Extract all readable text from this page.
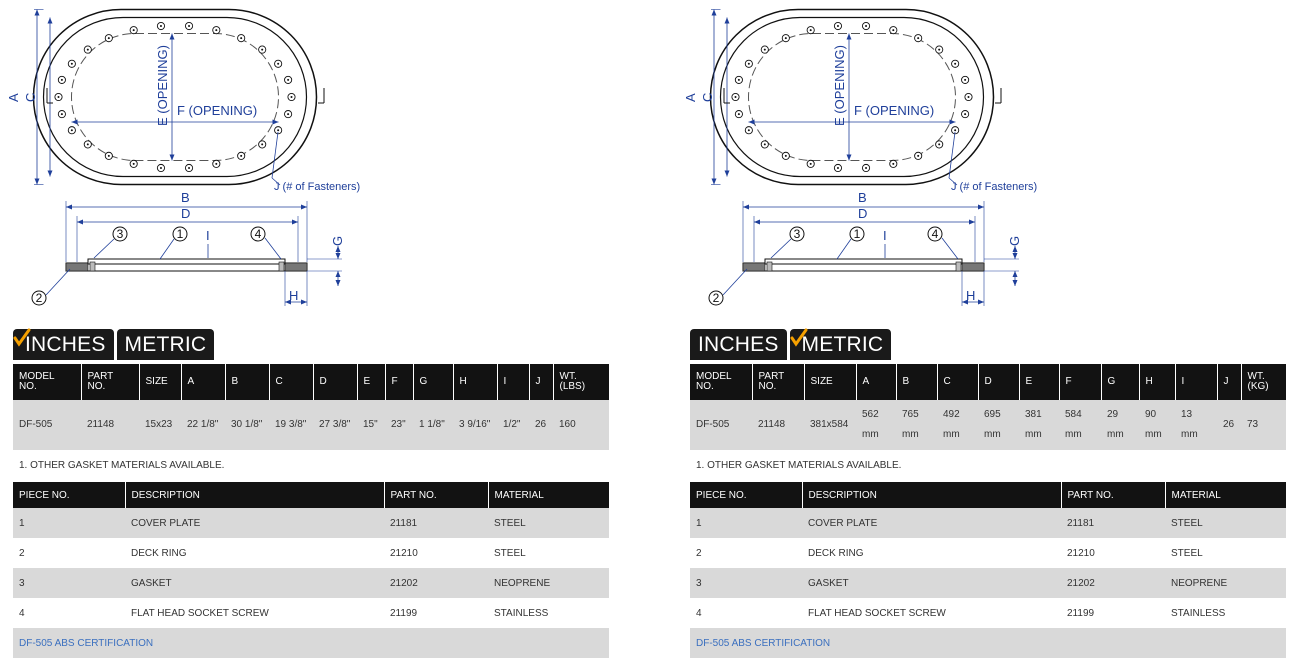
E (OPENING) F (OPENING)
A C
J (# of Fasteners)
B
D
3	1	4
2
I	G
H
INCHES METRIC
MODEL NO.	PART NO.	SIZE	A	B	C	D	E	F	G	H	I	J	WT. (LBS)
DF-505	21148	15x23	22 1/8"	30 1/8"	19 3/8"	27 3/8"	15"	23"	1 1/8"	3 9/16"	1/2"	26	160
1. OTHER GASKET MATERIALS AVAILABLE.
PIECE NO.	DESCRIPTION	PART NO.	MATERIAL
1	COVER PLATE	21181	STEEL
2	DECK RING	21210	STEEL
3	GASKET	21202	NEOPRENE
4	FLAT HEAD SOCKET SCREW	21199	STAINLESS
DF-505 ABS CERTIFICATION			
E (OPENING) F (OPENING)
A C
J (# of Fasteners)
B
D
3	1	4
2
I	G
H
INCHES METRIC
MODEL NO.	PART NO.	SIZE	A	B	C	D	E	F	G	H	I	J	WT. (KG)
DF-505	21148	381x584	562 mm	765 mm	492 mm	695 mm	381 mm	584 mm	29 mm	90 mm	13 mm	26	73
1. OTHER GASKET MATERIALS AVAILABLE.
PIECE NO.	DESCRIPTION	PART NO.	MATERIAL
1	COVER PLATE	21181	STEEL
2	DECK RING	21210	STEEL
3	GASKET	21202	NEOPRENE
4	FLAT HEAD SOCKET SCREW	21199	STAINLESS
DF-505 ABS CERTIFICATION			
